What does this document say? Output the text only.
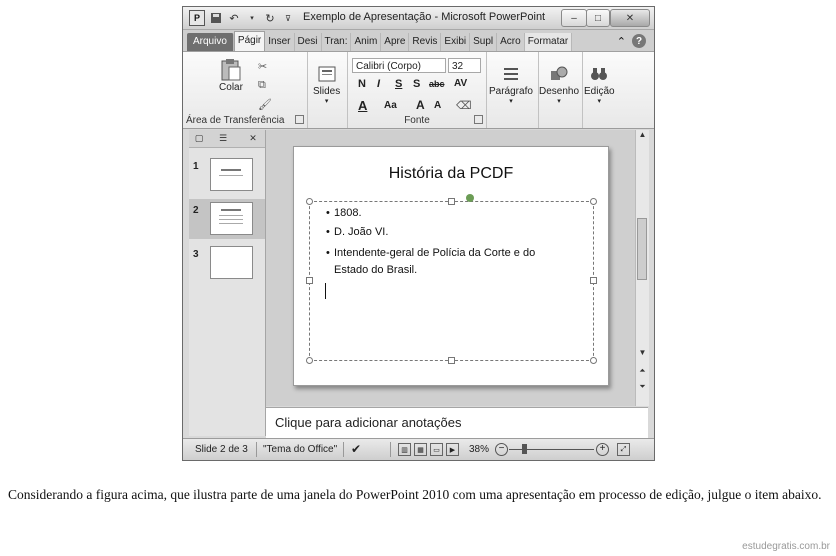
P	↶	▾	↻	⊽	Exemplo de Apresentação - Microsoft PowerPoint	–	□	✕
Arquivo	Págir Inser Desi Tran: Anim Apre Revis Exibi Supl Acro Formatar	⌃ ?
Colar
✂
⧉
🖌
Área de Transferência
Slides
▾
Calibri (Corpo)	32
N I S S abc AV
A Aa A A ⌫
Fonte
Parágrafo
▾
Desenho
▾
Edição
▾
▢	☰	✕
1
2
3
História da PCDF
• 1808.
• D. João VI.
• Intendente-geral de Polícia da Corte e do
Estado do Brasil.
▲
▼
⏶
⏷
Clique para adicionar anotações
Slide 2 de 3 "Tema do Office" ✔	▥	▦	▭	▶	38% −	+	⤢
Considerando a figura acima, que ilustra parte de uma janela do PowerPoint 2010 com uma apresentação em processo de edição, julgue o item abaixo.
estudegratis.com.br
